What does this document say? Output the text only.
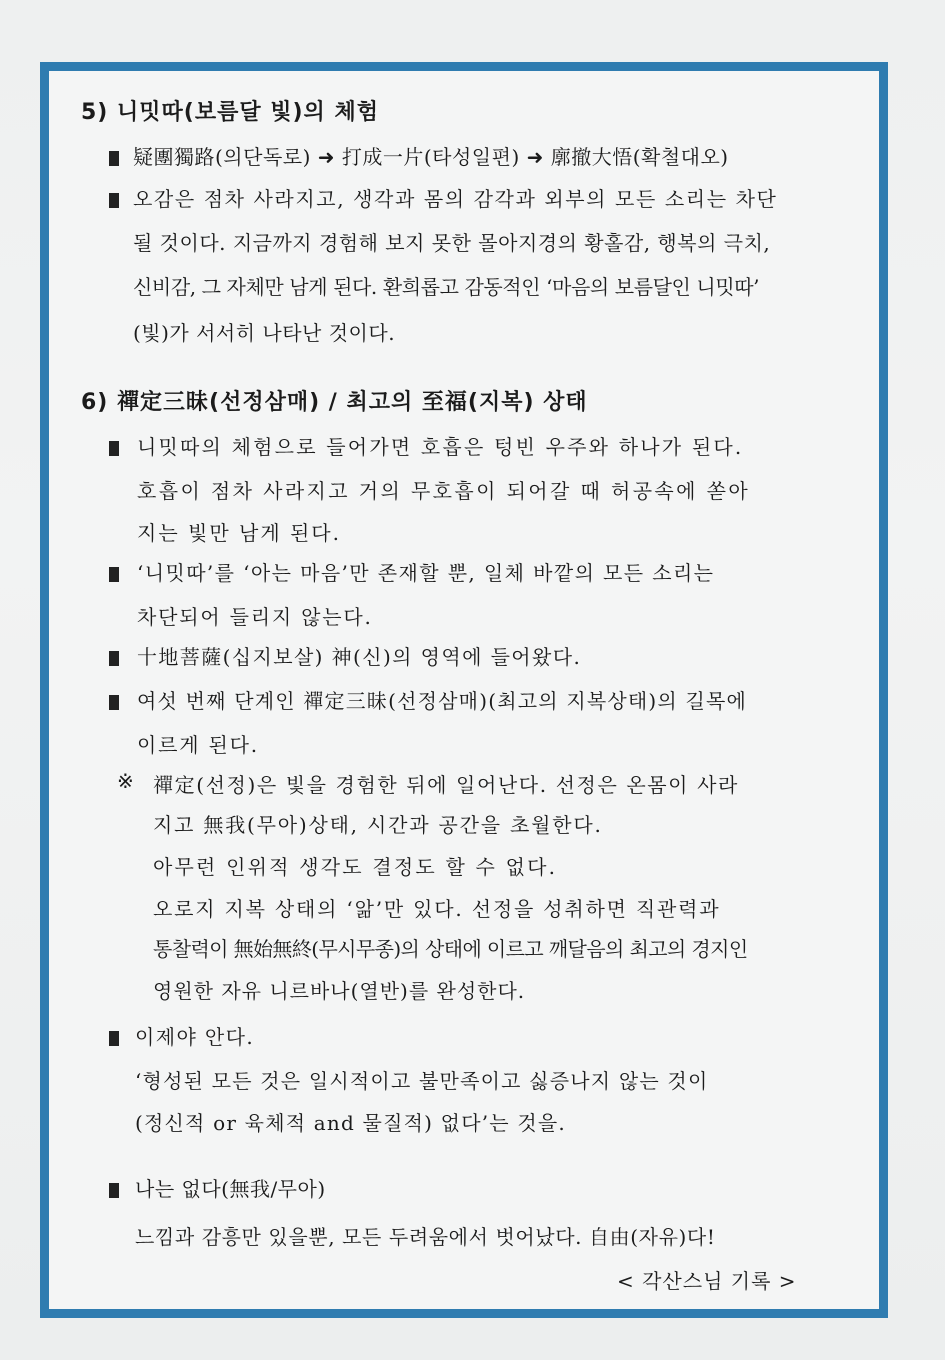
5) 니밋따(보름달 빛)의 체험
疑團獨路(의단독로) ➜ 打成一片(타성일편) ➜ 廓撤大悟(확철대오)
오감은 점차 사라지고, 생각과 몸의 감각과 외부의 모든 소리는 차단
될 것이다. 지금까지 경험해 보지 못한 몰아지경의 황홀감, 행복의 극치,
신비감, 그 자체만 남게 된다. 환희롭고 감동적인 ‘마음의 보름달인 니밋따’
(빛)가 서서히 나타난 것이다.
6) 禪定三昧(선정삼매) / 최고의 至福(지복) 상태
니밋따의 체험으로 들어가면 호흡은 텅빈 우주와 하나가 된다.
호흡이 점차 사라지고 거의 무호흡이 되어갈 때 허공속에 쏟아
지는 빛만 남게 된다.
‘니밋따’를 ‘아는 마음’만 존재할 뿐, 일체 바깥의 모든 소리는
차단되어 들리지 않는다.
十地菩薩(십지보살) 神(신)의 영역에 들어왔다.
여섯 번째 단계인 禪定三昧(선정삼매)(최고의 지복상태)의 길목에
이르게 된다.
※ 禪定(선정)은 빛을 경험한 뒤에 일어난다. 선정은 온몸이 사라
지고 無我(무아)상태, 시간과 공간을 초월한다.
아무런 인위적 생각도 결정도 할 수 없다.
오로지 지복 상태의 ‘앎’만 있다. 선정을 성취하면 직관력과
통찰력이 無始無終(무시무종)의 상태에 이르고 깨달음의 최고의 경지인
영원한 자유 니르바나(열반)를 완성한다.
이제야 안다.
‘형성된 모든 것은 일시적이고 불만족이고 싫증나지 않는 것이
(정신적 or 육체적 and 물질적) 없다’는 것을.
나는 없다(無我/무아)
느낌과 감흥만 있을뿐, 모든 두려움에서 벗어났다. 自由(자유)다!
< 각산스님 기록 >
